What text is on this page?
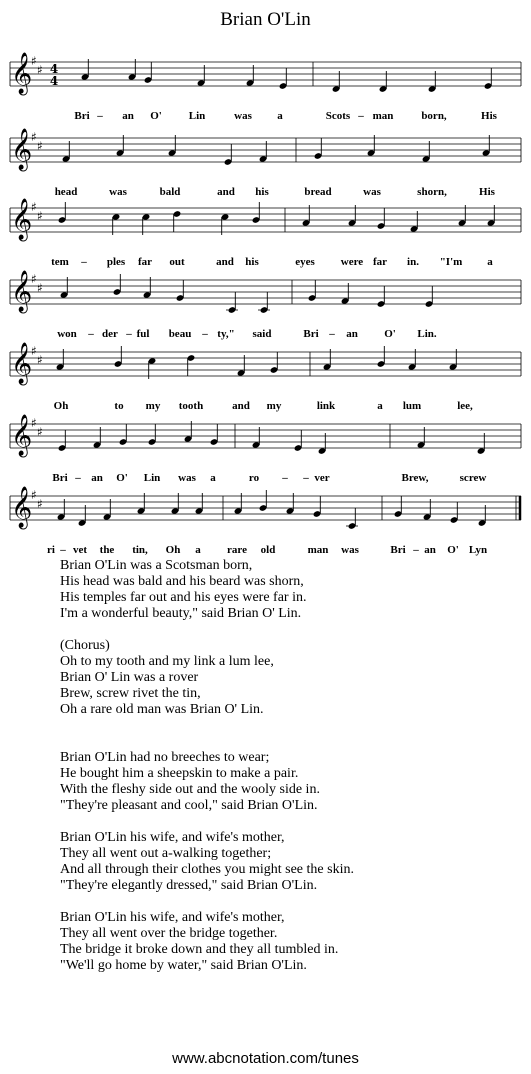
Brian O'Lin
𝄞
♯
♯ 4
4
Bri – an O' Lin	was a	Scots – man	born,	His
𝄞
♯
♯
head	was	bald	and his	bread	was	shorn,	His
𝄞
♯
♯
tem – ples far out	and his	eyes were far in. "I'm a
𝄞
♯
♯
won – der – ful beau – ty," said	Bri – an O' Lin.
𝄞
♯
♯
Oh	to my tooth	and my	link	a lum	lee,
𝄞
♯
♯
Bri – an O' Lin was a	ro – – ver	Brew,	screw
𝄞
♯
♯
ri – vet the tin, Oh a rare old	man was	Bri – an O' Lyn
Brian O'Lin was a Scotsman born,
His head was bald and his beard was shorn,
His temples far out and his eyes were far in.
I'm a wonderful beauty," said Brian O' Lin.
(Chorus)
Oh to my tooth and my link a lum lee,
Brian O' Lin was a rover
Brew, screw rivet the tin,
Oh a rare old man was Brian O' Lin.
Brian O'Lin had no breeches to wear;
He bought him a sheepskin to make a pair.
With the fleshy side out and the wooly side in.
"They're pleasant and cool," said Brian O'Lin.
Brian O'Lin his wife, and wife's mother,
They all went out a-walking together;
And all through their clothes you might see the skin.
"They're elegantly dressed," said Brian O'Lin.
Brian O'Lin his wife, and wife's mother,
They all went over the bridge together.
The bridge it broke down and they all tumbled in.
"We'll go home by water," said Brian O'Lin.
www.abcnotation.com/tunes
